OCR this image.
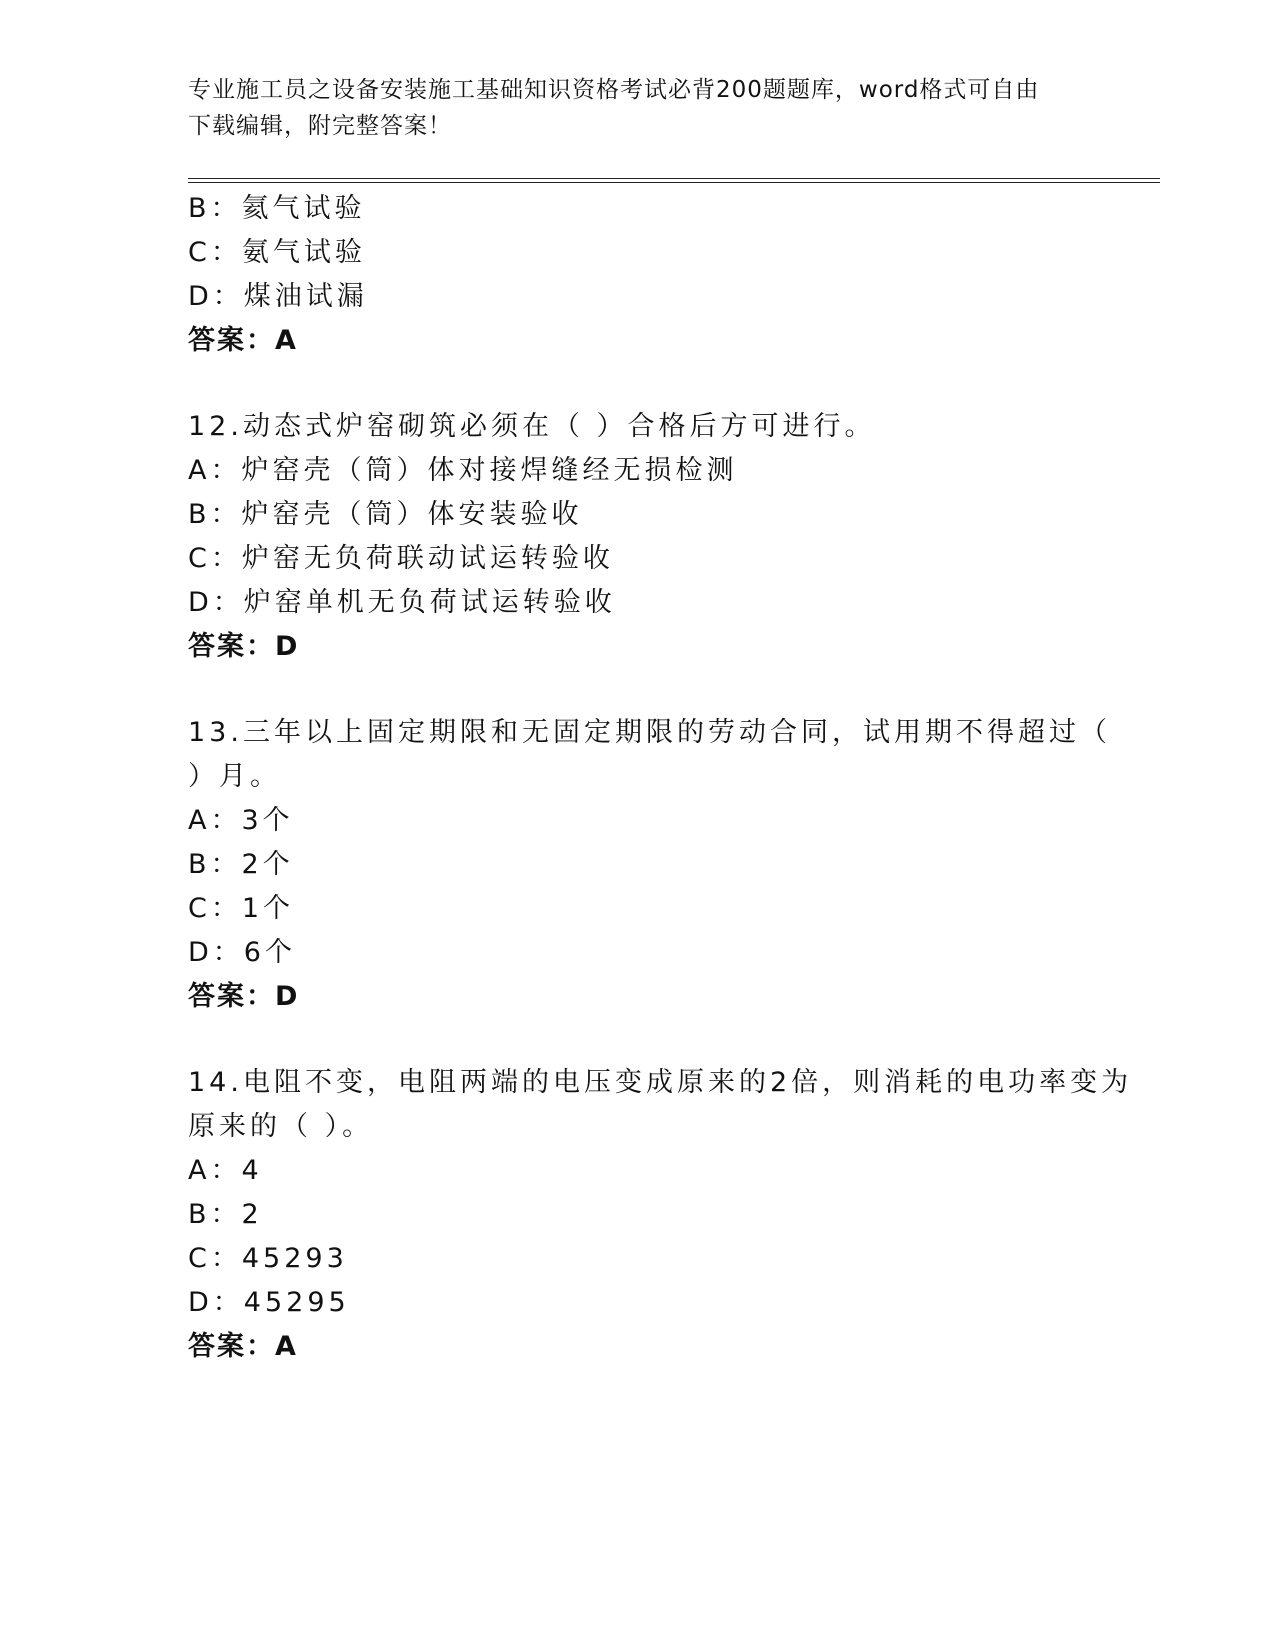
专业施工员之设备安装施工基础知识资格考试必背200题题库，word格式可自由
下载编辑，附完整答案！
B：氦气试验
C：氨气试验
D：煤油试漏
答案：A
12.动态式炉窑砌筑必须在（ ）合格后方可进行。
A：炉窑壳（筒）体对接焊缝经无损检测
B：炉窑壳（筒）体安装验收
C：炉窑无负荷联动试运转验收
D：炉窑单机无负荷试运转验收
答案：D
13.三年以上固定期限和无固定期限的劳动合同，试用期不得超过（
）月。
A：3个
B：2个
C：1个
D：6个
答案：D
14.电阻不变，电阻两端的电压变成原来的2倍，则消耗的电功率变为
原来的（ ）。
A：4
B：2
C：45293
D：45295
答案：A
